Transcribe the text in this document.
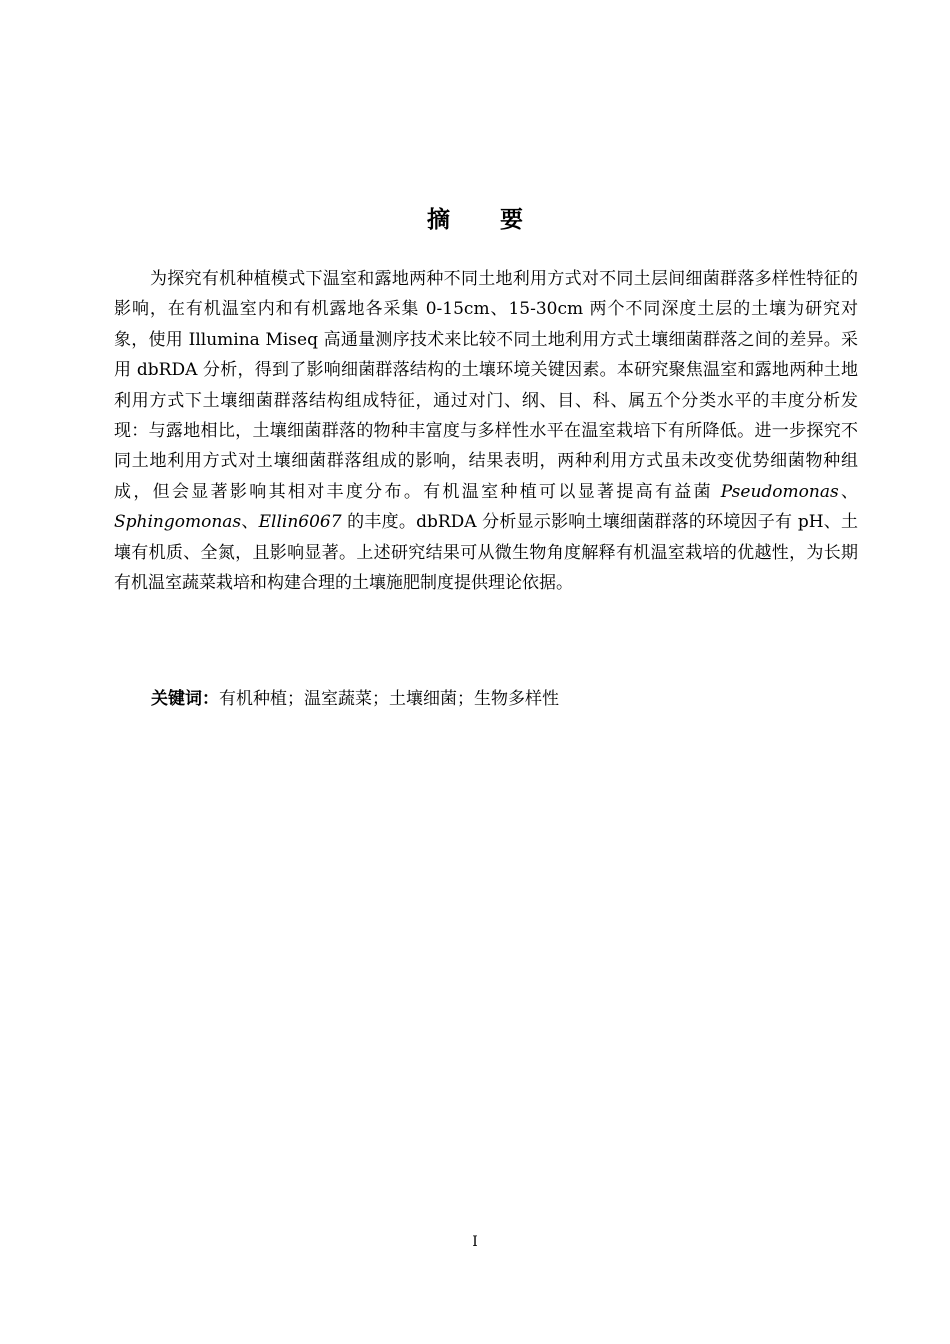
摘 要

为探究有机种植模式下温室和露地两种不同土地利用方式对不同土层间细菌群落多样性特征的影响，在有机温室内和有机露地各采集 0-15cm、15-30cm 两个不同深度土层的土壤为研究对象，使用 Illumina Miseq 高通量测序技术来比较不同土地利用方式土壤细菌群落之间的差异。采用 dbRDA 分析，得到了影响细菌群落结构的土壤环境关键因素。本研究聚焦温室和露地两种土地利用方式下土壤细菌群落结构组成特征，通过对门、纲、目、科、属五个分类水平的丰度分析发现：与露地相比，土壤细菌群落的物种丰富度与多样性水平在温室栽培下有所降低。进一步探究不同土地利用方式对土壤细菌群落组成的影响，结果表明，两种利用方式虽未改变优势细菌物种组成，但会显著影响其相对丰度分布。有机温室种植可以显著提高有益菌 Pseudomonas、Sphingomonas、Ellin6067 的丰度。dbRDA 分析显示影响土壤细菌群落的环境因子有 pH、土壤有机质、全氮，且影响显著。上述研究结果可从微生物角度解释有机温室栽培的优越性，为长期有机温室蔬菜栽培和构建合理的土壤施肥制度提供理论依据。

关键词：有机种植；温室蔬菜；土壤细菌；生物多样性

I
